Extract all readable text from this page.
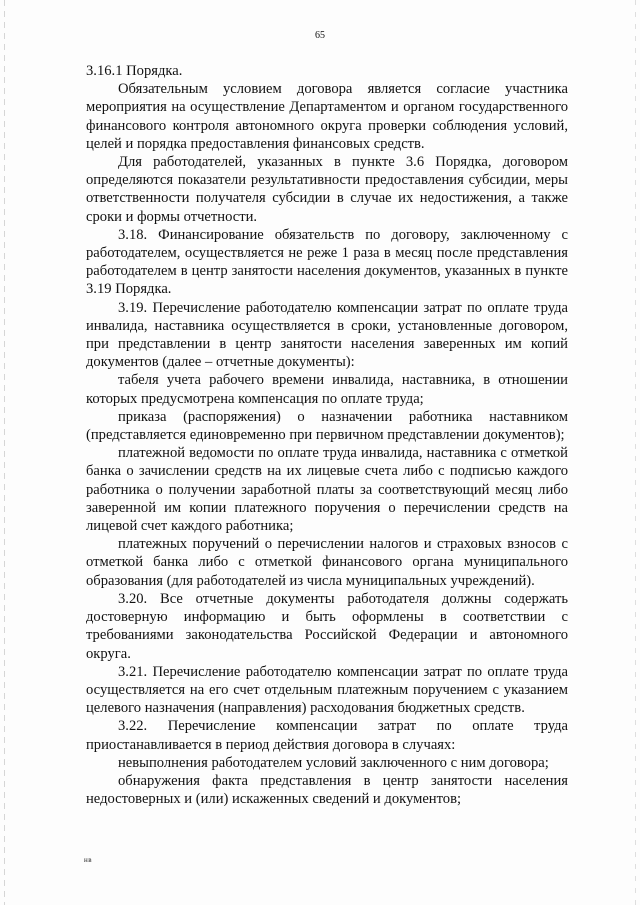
65

3.16.1 Порядка.

Обязательным условием договора является согласие участника мероприятия на осуществление Департаментом и органом государственного финансового контроля автономного округа проверки соблюдения условий, целей и порядка предоставления финансовых средств.

Для работодателей, указанных в пункте 3.6 Порядка, договором определяются показатели результативности предоставления субсидии, меры ответственности получателя субсидии в случае их недостижения, а также сроки и формы отчетности.

3.18. Финансирование обязательств по договору, заключенному с работодателем, осуществляется не реже 1 раза в месяц после представления работодателем в центр занятости населения документов, указанных в пункте 3.19 Порядка.

3.19. Перечисление работодателю компенсации затрат по оплате труда инвалида, наставника осуществляется в сроки, установленные договором, при представлении в центр занятости населения заверенных им копий документов (далее – отчетные документы):

табеля учета рабочего времени инвалида, наставника, в отношении которых предусмотрена компенсация по оплате труда;

приказа (распоряжения) о назначении работника наставником (представляется единовременно при первичном представлении документов);

платежной ведомости по оплате труда инвалида, наставника с отметкой банка о зачислении средств на их лицевые счета либо с подписью каждого работника о получении заработной платы за соответствующий месяц либо заверенной им копии платежного поручения о перечислении средств на лицевой счет каждого работника;

платежных поручений о перечислении налогов и страховых взносов с отметкой банка либо с отметкой финансового органа муниципального образования (для работодателей из числа муниципальных учреждений).

3.20. Все отчетные документы работодателя должны содержать достоверную информацию и быть оформлены в соответствии с требованиями законодательства Российской Федерации и автономного округа.

3.21. Перечисление работодателю компенсации затрат по оплате труда осуществляется на его счет отдельным платежным поручением с указанием целевого назначения (направления) расходования бюджетных средств.

3.22. Перечисление компенсации затрат по оплате труда приостанавливается в период действия договора в случаях:

невыполнения работодателем условий заключенного с ним договора;

обнаружения факта представления в центр занятости населения недостоверных и (или) искаженных сведений и документов;

нв
